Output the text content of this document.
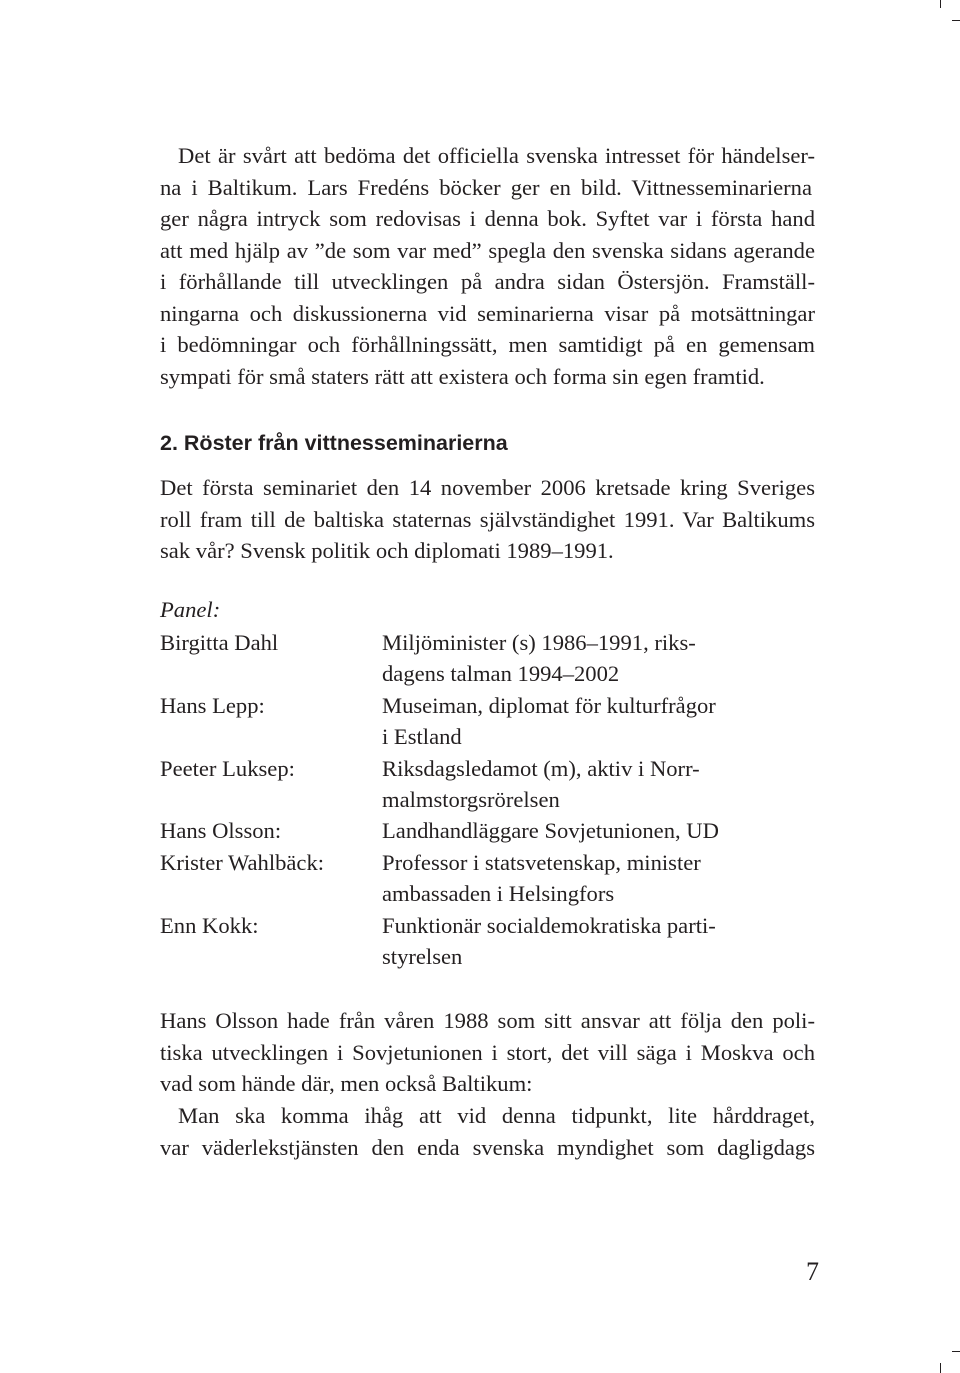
Det är svårt att bedöma det officiella svenska intresset för händelser-
na i Baltikum. Lars Fredéns böcker ger en bild. Vittnesseminarierna
ger några intryck som redovisas i denna bok. Syftet var i första hand
att med hjälp av ”de som var med” spegla den svenska sidans agerande
i förhållande till utvecklingen på andra sidan Östersjön. Framställ-
ningarna och diskussionerna vid seminarierna visar på motsättningar
i bedömningar och förhållningssätt, men samtidigt på en gemensam
sympati för små staters rätt att existera och forma sin egen framtid.
2. Röster från vittnesseminarierna
Det första seminariet den 14 november 2006 kretsade kring Sveriges
roll fram till de baltiska staternas självständighet 1991. Var Baltikums
sak vår? Svensk politik och diplomati 1989–1991.
Panel:
Birgitta Dahl	Miljöminister (s) 1986–1991, riks-
dagens talman 1994–2002
Hans Lepp:	Museiman, diplomat för kulturfrågor
i Estland
Peeter Luksep:	Riksdagsledamot (m), aktiv i Norr-
malmstorgsrörelsen
Hans Olsson:	Landhandläggare Sovjetunionen, UD
Krister Wahlbäck:	Professor i statsvetenskap, minister
ambassaden i Helsingfors
Enn Kokk:	Funktionär socialdemokratiska parti-
styrelsen
Hans Olsson hade från våren 1988 som sitt ansvar att följa den poli-
tiska utvecklingen i Sovjetunionen i stort, det vill säga i Moskva och
vad som hände där, men också Baltikum:
Man ska komma ihåg att vid denna tidpunkt, lite hårddraget,
var väderlekstjänsten den enda svenska myndighet som dagligdags
7
